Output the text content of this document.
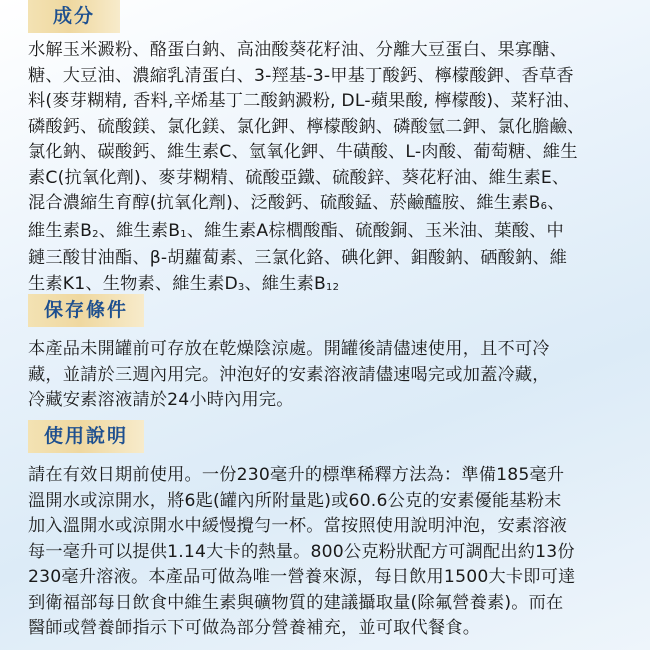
成分
水解玉米澱粉、酪蛋白鈉、高油酸葵花籽油、分離大豆蛋白、果寡醣、
糖、大豆油、濃縮乳清蛋白、3-羥基-3-甲基丁酸鈣、檸檬酸鉀、香草香
料(麥芽糊精, 香料,辛烯基丁二酸鈉澱粉, DL-蘋果酸, 檸檬酸)、菜籽油、
磷酸鈣、硫酸鎂、氯化鎂、氯化鉀、檸檬酸鈉、磷酸氫二鉀、氯化膽鹼、
氯化鈉、碳酸鈣、維生素C、氫氧化鉀、牛磺酸、L-肉酸、葡萄糖、維生
素C(抗氧化劑)、麥芽糊精、硫酸亞鐵、硫酸鋅、葵花籽油、維生素E、
混合濃縮生育醇(抗氧化劑)、泛酸鈣、硫酸錳、菸鹼醯胺、維生素$B_6$、
維生素$B_2$、維生素$B_1$、維生素A棕櫚酸酯、硫酸銅、玉米油、葉酸、中
鏈三酸甘油酯、β-胡蘿蔔素、三氯化鉻、碘化鉀、鉬酸鈉、硒酸鈉、維
生素K1、生物素、維生素$D_3$、維生素$B_{12}$
保存條件
本產品未開罐前可存放在乾燥陰涼處。開罐後請儘速使用，且不可冷
藏，並請於三週內用完。沖泡好的安素溶液請儘速喝完或加蓋冷藏，
冷藏安素溶液請於24小時內用完。
使用說明
請在有效日期前使用。一份230毫升的標準稀釋方法為：準備185毫升
溫開水或涼開水，將6匙(罐內所附量匙)或60.6公克的安素優能基粉末
加入溫開水或涼開水中緩慢攪勻一杯。當按照使用說明沖泡，安素溶液
每一毫升可以提供1.14大卡的熱量。800公克粉狀配方可調配出約13份
230毫升溶液。本產品可做為唯一營養來源，每日飲用1500大卡即可達
到衛福部每日飲食中維生素與礦物質的建議攝取量(除氟營養素)。而在
醫師或營養師指示下可做為部分營養補充，並可取代餐食。
